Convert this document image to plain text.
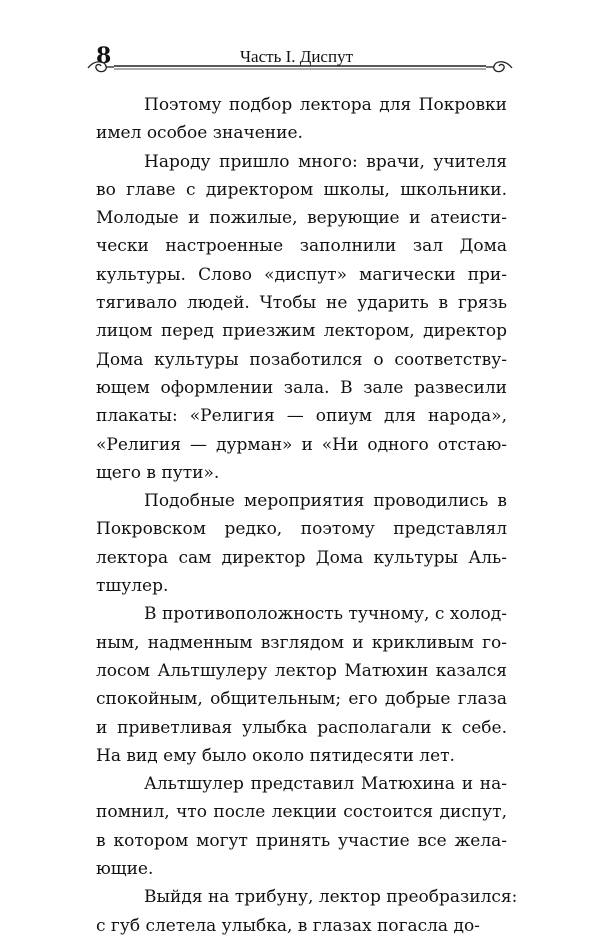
8	Часть I. Диспут

Поэтому подбор лектора для Покровки
имел особое значение.

Народу пришло много: врачи, учителя
во главе с директором школы, школьники.
Молодые и пожилые, верующие и атеисти-
чески настроенные заполнили зал Дома
культуры. Слово «диспут» магически при-
тягивало людей. Чтобы не ударить в грязь
лицом перед приезжим лектором, директор
Дома культуры позаботился о соответству-
ющем оформлении зала. В зале развесили
плакаты: «Религия — опиум для народа»,
«Религия — дурман» и «Ни одного отстаю-
щего в пути».

Подобные мероприятия проводились в
Покровском редко, поэтому представлял
лектора сам директор Дома культуры Аль-
тшулер.

В противоположность тучному, с холод-
ным, надменным взглядом и крикливым го-
лосом Альтшулеру лектор Матюхин казался
спокойным, общительным; его добрые глаза
и приветливая улыбка располагали к себе.
На вид ему было около пятидесяти лет.

Альтшулер представил Матюхина и на-
помнил, что после лекции состоится диспут,
в котором могут принять участие все жела-
ющие.

Выйдя на трибуну, лектор преобразился:
с губ слетела улыбка, в глазах погасла до-
